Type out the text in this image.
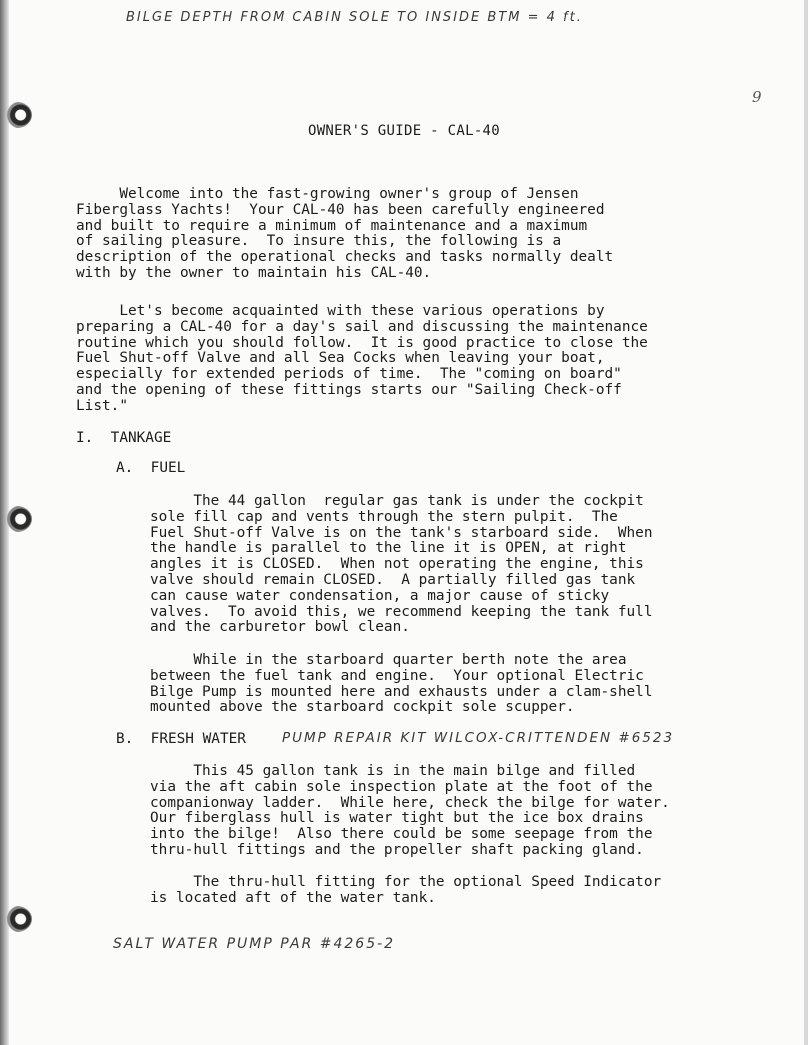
BILGE DEPTH FROM CABIN SOLE TO INSIDE BTM = 4 ft.
9
OWNER'S GUIDE - CAL-40
Welcome into the fast-growing owner's group of Jensen
Fiberglass Yachts!  Your CAL-40 has been carefully engineered
and built to require a minimum of maintenance and a maximum
of sailing pleasure.  To insure this, the following is a
description of the operational checks and tasks normally dealt
with by the owner to maintain his CAL-40.
Let's become acquainted with these various operations by
preparing a CAL-40 for a day's sail and discussing the maintenance
routine which you should follow.  It is good practice to close the
Fuel Shut-off Valve and all Sea Cocks when leaving your boat,
especially for extended periods of time.  The "coming on board"
and the opening of these fittings starts our "Sailing Check-off
List."
I. TANKAGE
A. FUEL
The 44 gallon  regular gas tank is under the cockpit
sole fill cap and vents through the stern pulpit.  The
Fuel Shut-off Valve is on the tank's starboard side.  When
the handle is parallel to the line it is OPEN, at right
angles it is CLOSED.  When not operating the engine, this
valve should remain CLOSED.  A partially filled gas tank
can cause water condensation, a major cause of sticky
valves.  To avoid this, we recommend keeping the tank full
and the carburetor bowl clean.
While in the starboard quarter berth note the area
between the fuel tank and engine.  Your optional Electric
Bilge Pump is mounted here and exhausts under a clam-shell
mounted above the starboard cockpit sole scupper.
B. FRESH WATER	PUMP REPAIR KIT WILCOX-CRITTENDEN #6523
This 45 gallon tank is in the main bilge and filled
via the aft cabin sole inspection plate at the foot of the
companionway ladder.  While here, check the bilge for water.
Our fiberglass hull is water tight but the ice box drains
into the bilge!  Also there could be some seepage from the
thru-hull fittings and the propeller shaft packing gland.
The thru-hull fitting for the optional Speed Indicator
is located aft of the water tank.
SALT WATER PUMP PAR #4265-2
